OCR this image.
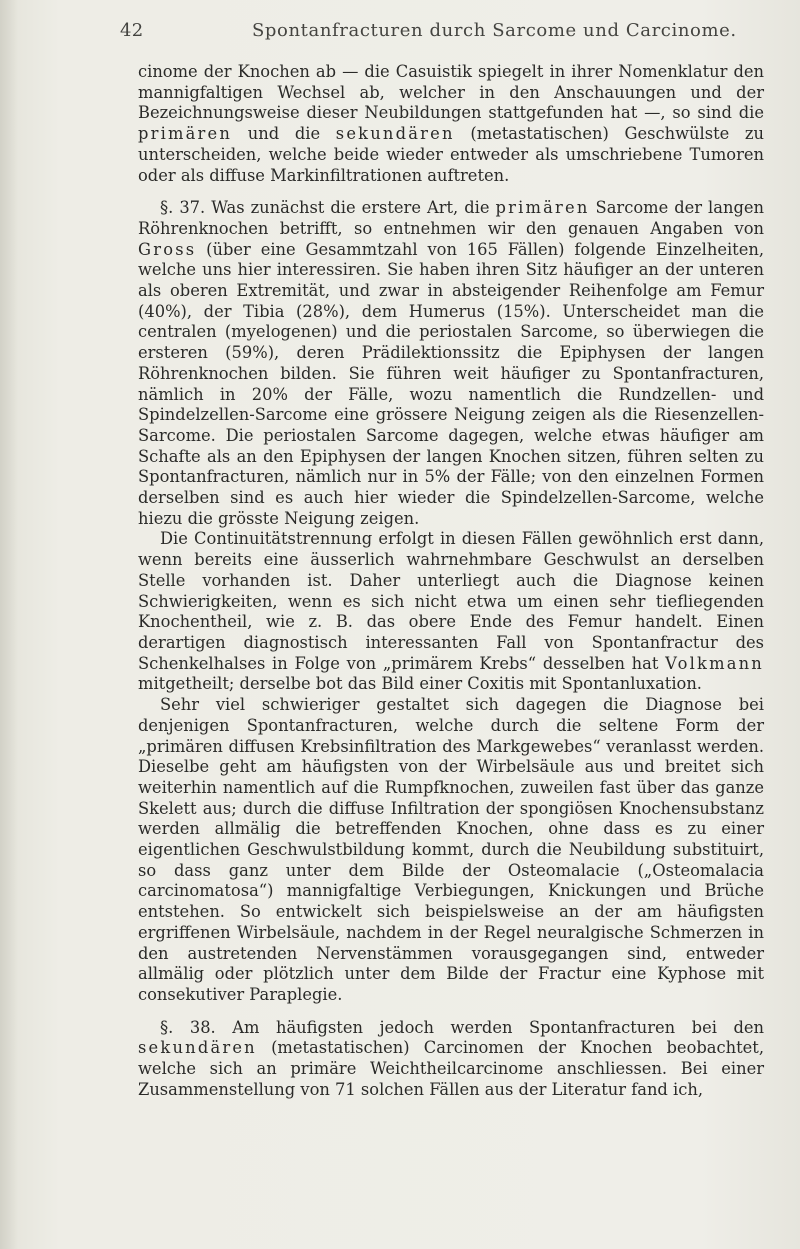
42	Spontanfracturen durch Sarcome und Carcinome.

cinome der Knochen ab — die Casuistik spiegelt in ihrer Nomenklatur den mannigfaltigen Wechsel ab, welcher in den Anschauungen und der Bezeichnungsweise dieser Neubildungen stattgefunden hat —, so sind die primären und die sekundären (metastatischen) Geschwülste zu unterscheiden, welche beide wieder entweder als umschriebene Tumoren oder als diffuse Markinfiltrationen auftreten.

§. 37. Was zunächst die erstere Art, die primären Sarcome der langen Röhrenknochen betrifft, so entnehmen wir den genauen Angaben von Gross (über eine Gesammtzahl von 165 Fällen) folgende Einzelheiten, welche uns hier interessiren. Sie haben ihren Sitz häufiger an der unteren als oberen Extremität, und zwar in absteigender Reihenfolge am Femur (40%), der Tibia (28%), dem Humerus (15%). Unterscheidet man die centralen (myelogenen) und die periostalen Sarcome, so überwiegen die ersteren (59%), deren Prädilektionssitz die Epiphysen der langen Röhrenknochen bilden. Sie führen weit häufiger zu Spontanfracturen, nämlich in 20% der Fälle, wozu namentlich die Rundzellen- und Spindelzellen-Sarcome eine grössere Neigung zeigen als die Riesenzellen-Sarcome. Die periostalen Sarcome dagegen, welche etwas häufiger am Schafte als an den Epiphysen der langen Knochen sitzen, führen selten zu Spontanfracturen, nämlich nur in 5% der Fälle; von den einzelnen Formen derselben sind es auch hier wieder die Spindelzellen-Sarcome, welche hiezu die grösste Neigung zeigen.

Die Continuitätstrennung erfolgt in diesen Fällen gewöhnlich erst dann, wenn bereits eine äusserlich wahrnehmbare Geschwulst an derselben Stelle vorhanden ist. Daher unterliegt auch die Diagnose keinen Schwierigkeiten, wenn es sich nicht etwa um einen sehr tiefliegenden Knochentheil, wie z. B. das obere Ende des Femur handelt. Einen derartigen diagnostisch interessanten Fall von Spontanfractur des Schenkelhalses in Folge von „primärem Krebs“ desselben hat Volkmann mitgetheilt; derselbe bot das Bild einer Coxitis mit Spontanluxation.

Sehr viel schwieriger gestaltet sich dagegen die Diagnose bei denjenigen Spontanfracturen, welche durch die seltene Form der „primären diffusen Krebsinfiltration des Markgewebes“ veranlasst werden. Dieselbe geht am häufigsten von der Wirbelsäule aus und breitet sich weiterhin namentlich auf die Rumpfknochen, zuweilen fast über das ganze Skelett aus; durch die diffuse Infiltration der spongiösen Knochensubstanz werden allmälig die betreffenden Knochen, ohne dass es zu einer eigentlichen Geschwulstbildung kommt, durch die Neubildung substituirt, so dass ganz unter dem Bilde der Osteomalacie („Osteomalacia carcinomatosa“) mannigfaltige Verbiegungen, Knickungen und Brüche entstehen. So entwickelt sich beispielsweise an der am häufigsten ergriffenen Wirbelsäule, nachdem in der Regel neuralgische Schmerzen in den austretenden Nervenstämmen vorausgegangen sind, entweder allmälig oder plötzlich unter dem Bilde der Fractur eine Kyphose mit consekutiver Paraplegie.

§. 38. Am häufigsten jedoch werden Spontanfracturen bei den sekundären (metastatischen) Carcinomen der Knochen beobachtet, welche sich an primäre Weichtheilcarcinome anschliessen. Bei einer Zusammenstellung von 71 solchen Fällen aus der Literatur fand ich,
